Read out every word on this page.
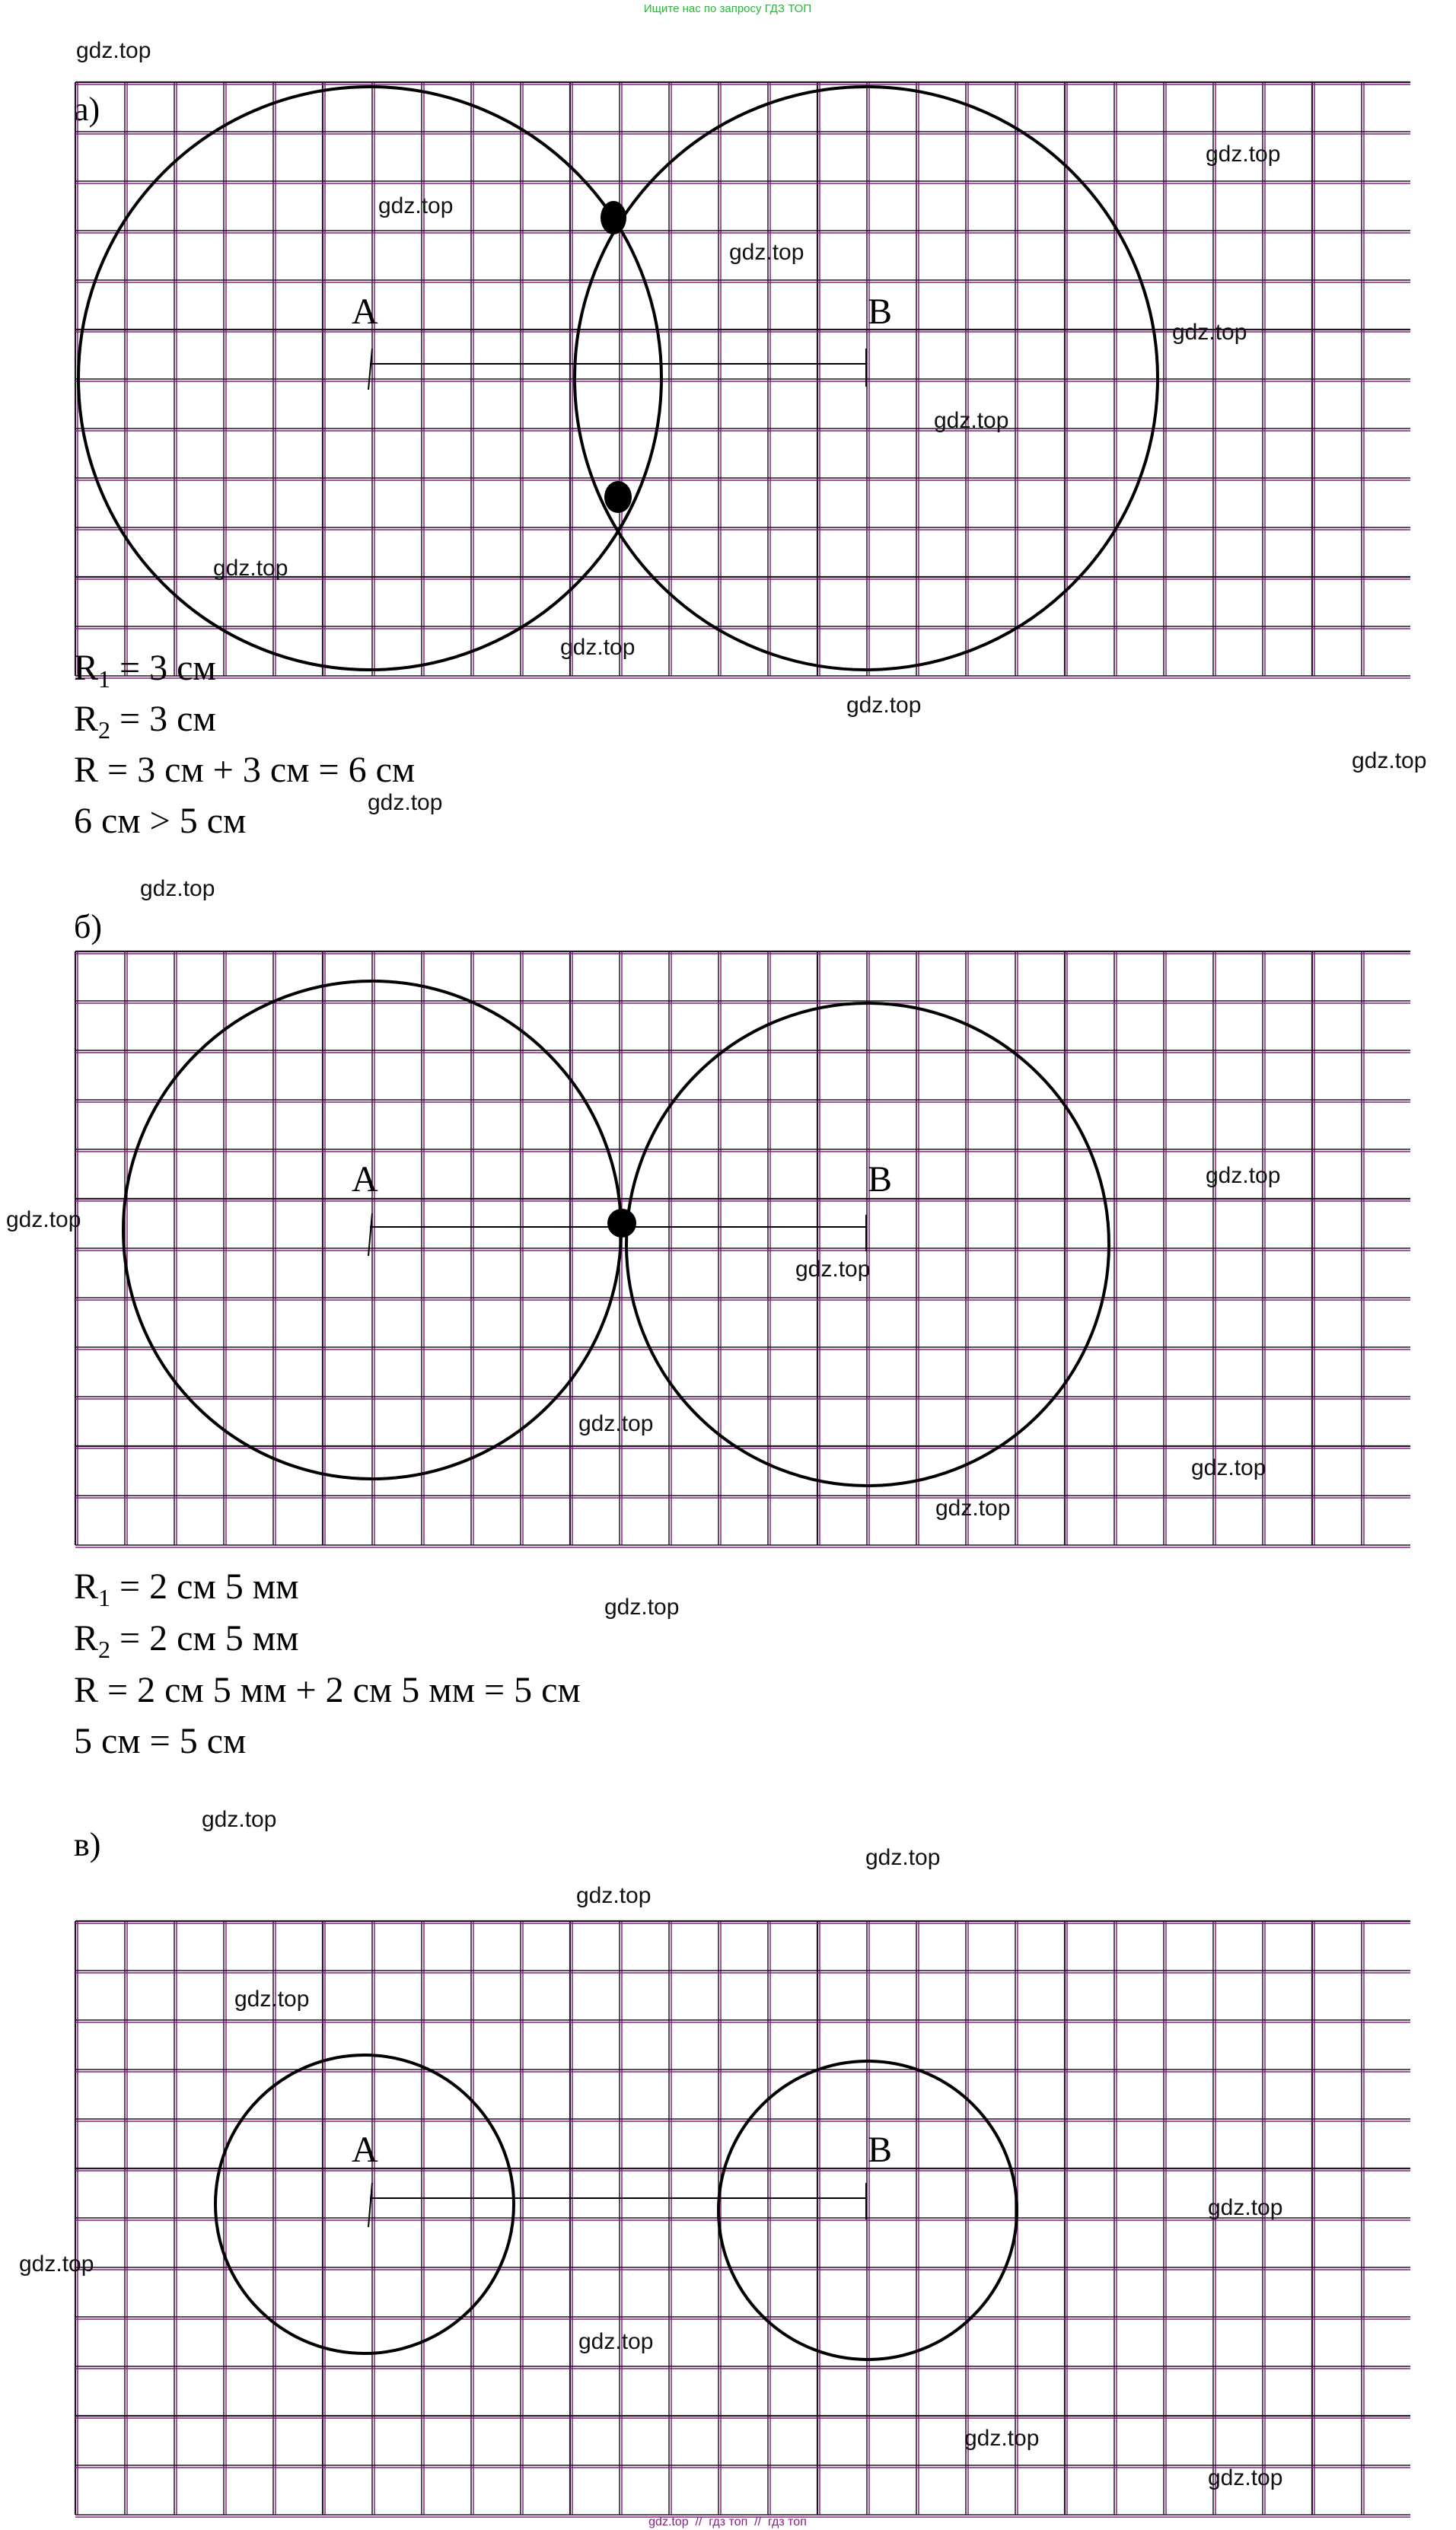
Ищите нас по запросу ГДЗ ТОП
а)
A	B
$R_1 = 3$ см
$R_2 = 3$ см
R = 3 см + 3 см = 6 см
6 см > 5 см
б)
A	B
$R_1 = 2$ см 5 мм
$R_2 = 2$ см 5 мм
R = 2 см 5 мм + 2 см 5 мм = 5 см
5 см = 5 см
в)
A	B
gdz.top
gdz.top
gdz.top
gdz.top
gdz.top
gdz.top
gdz.top
gdz.top
gdz.top
gdz.top
gdz.top
gdz.top
gdz.top
gdz.top
gdz.top
gdz.top
gdz.top
gdz.top
gdz.top
gdz.top
gdz.top
gdz.top
gdz.top
gdz.top
gdz.top
gdz.top
gdz.top
gdz.top
gdz.top  //  гдз топ  //  гдз топ
